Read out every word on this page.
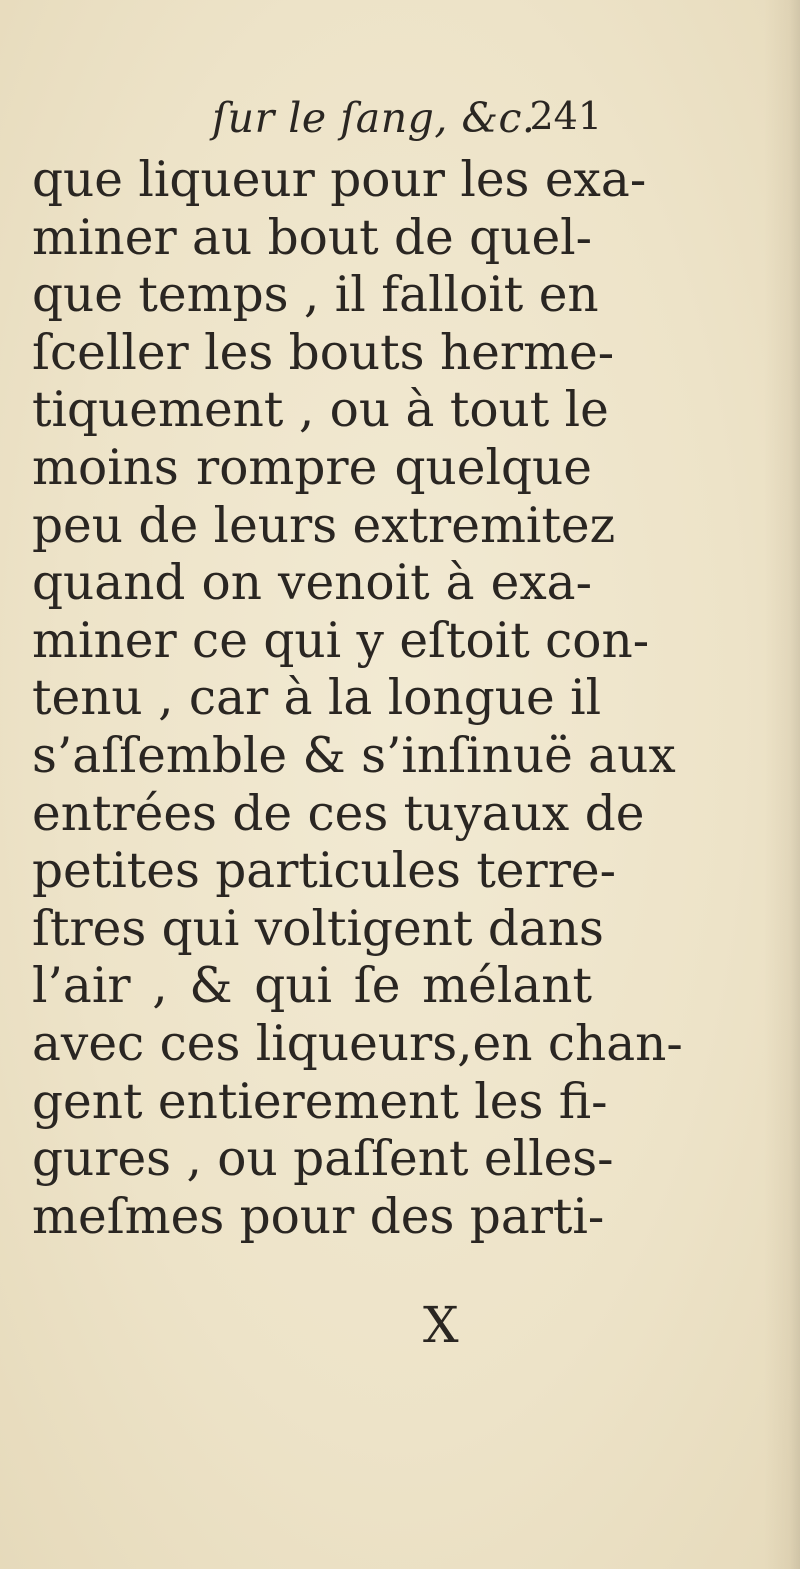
ſur le ſang, &c.
241
que liqueur pour les exa-
miner au bout de quel-
que temps , il falloit en
ſceller les bouts herme-
tiquement , ou à tout le
moins rompre quelque
peu de leurs extremitez
quand on venoit à exa-
miner ce qui y eſtoit con-
tenu , car à la longue il
s’aſſemble & s’inſinuë aux
entrées de ces tuyaux de
petites particules terre-
ſtres qui voltigent dans
l’air , & qui ſe mélant
avec ces liqueurs,en chan-
gent entierement les fi-
gures , ou paſſent elles-
meſmes pour des parti-
X
